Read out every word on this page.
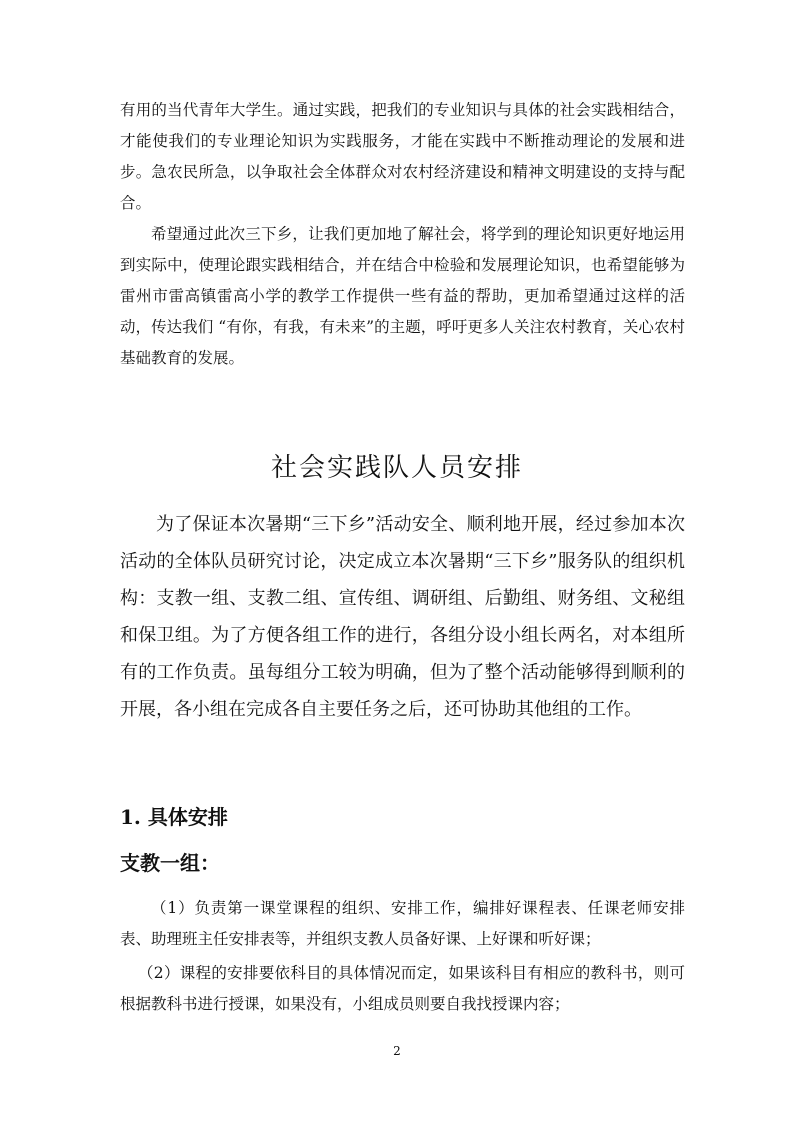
有用的当代青年大学生。通过实践，把我们的专业知识与具体的社会实践相结合，才能使我们的专业理论知识为实践服务，才能在实践中不断推动理论的发展和进步。急农民所急，以争取社会全体群众对农村经济建设和精神文明建设的支持与配合。

希望通过此次三下乡，让我们更加地了解社会，将学到的理论知识更好地运用到实际中，使理论跟实践相结合，并在结合中检验和发展理论知识，也希望能够为雷州市雷高镇雷高小学的教学工作提供一些有益的帮助，更加希望通过这样的活动，传达我们 “有你，有我，有未来”的主题，呼吁更多人关注农村教育，关心农村基础教育的发展。

社会实践队人员安排

为了保证本次暑期“三下乡”活动安全、顺利地开展，经过参加本次活动的全体队员研究讨论，决定成立本次暑期“三下乡”服务队的组织机构：支教一组、支教二组、宣传组、调研组、后勤组、财务组、文秘组和保卫组。为了方便各组工作的进行，各组分设小组长两名，对本组所有的工作负责。虽每组分工较为明确，但为了整个活动能够得到顺利的开展，各小组在完成各自主要任务之后，还可协助其他组的工作。

1. 具体安排
支教一组：

（1）负责第一课堂课程的组织、安排工作，编排好课程表、任课老师安排表、助理班主任安排表等，并组织支教人员备好课、上好课和听好课；

（2）课程的安排要依科目的具体情况而定，如果该科目有相应的教科书，则可根据教科书进行授课，如果没有，小组成员则要自我找授课内容；

2
